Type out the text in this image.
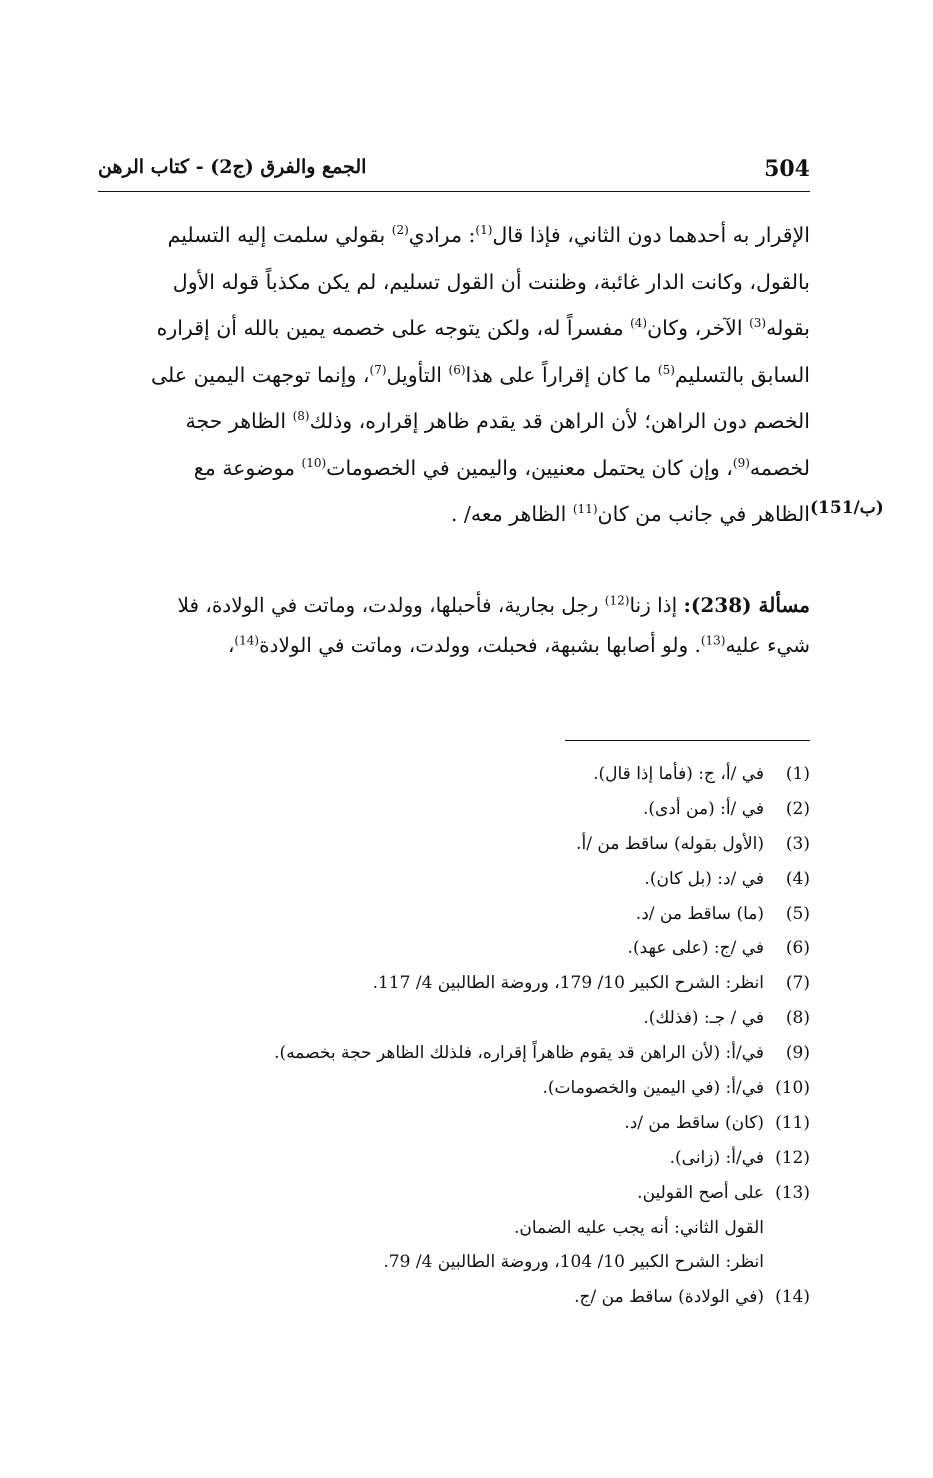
504
الجمع والفرق (ج2) - كتاب الرهن
الإقرار به أحدهما دون الثاني، فإذا قال$^{(1)}$: مرادي$^{(2)}$ بقولي سلمت إليه التسليم
بالقول، وكانت الدار غائبة، وظننت أن القول تسليم، لم يكن مكذباً قوله الأول
بقوله$^{(3)}$ الآخر، وكان$^{(4)}$ مفسراً له، ولكن يتوجه على خصمه يمين بالله أن إقراره
السابق بالتسليم$^{(5)}$ ما كان إقراراً على هذا$^{(6)}$ التأويل$^{(7)}$، وإنما توجهت اليمين على
الخصم دون الراهن؛ لأن الراهن قد يقدم ظاهر إقراره، وذلك$^{(8)}$ الظاهر حجة
لخصمه$^{(9)}$، وإن كان يحتمل معنيين، واليمين في الخصومات$^{(10)}$ موضوعة مع
الظاهر في جانب من كان$^{(11)}$ الظاهر معه/ .	(151/ب)
مسألة (238): إذا زنا$^{(12)}$ رجل بجارية، فأحبلها، وولدت، وماتت في الولادة، فلا
شيء عليه$^{(13)}$. ولو أصابها بشبهة، فحبلت، وولدت، وماتت في الولادة$^{(14)}$،
(1)في /أ، ج: (فأما إذا قال).
(2)في /أ: (من أدى).
(3)(الأول بقوله) ساقط من /أ.
(4)في /د: (بل كان).
(5)(ما) ساقط من /د.
(6)في /ج: (على عهد).
(7)انظر: الشرح الكبير 10/ 179، وروضة الطالبين 4/ 117.
(8)في / جـ: (فذلك).
(9)في/أ: (لأن الراهن قد يقوم ظاهراً إقراره، فلذلك الظاهر حجة بخصمه).
(10)في/أ: (في اليمين والخصومات).
(11)(كان) ساقط من /د.
(12)في/أ: (زانى).
(13)على أصح القولين.
القول الثاني: أنه يجب عليه الضمان.
انظر: الشرح الكبير 10/ 104، وروضة الطالبين 4/ 79.
(14)(في الولادة) ساقط من /ج.
